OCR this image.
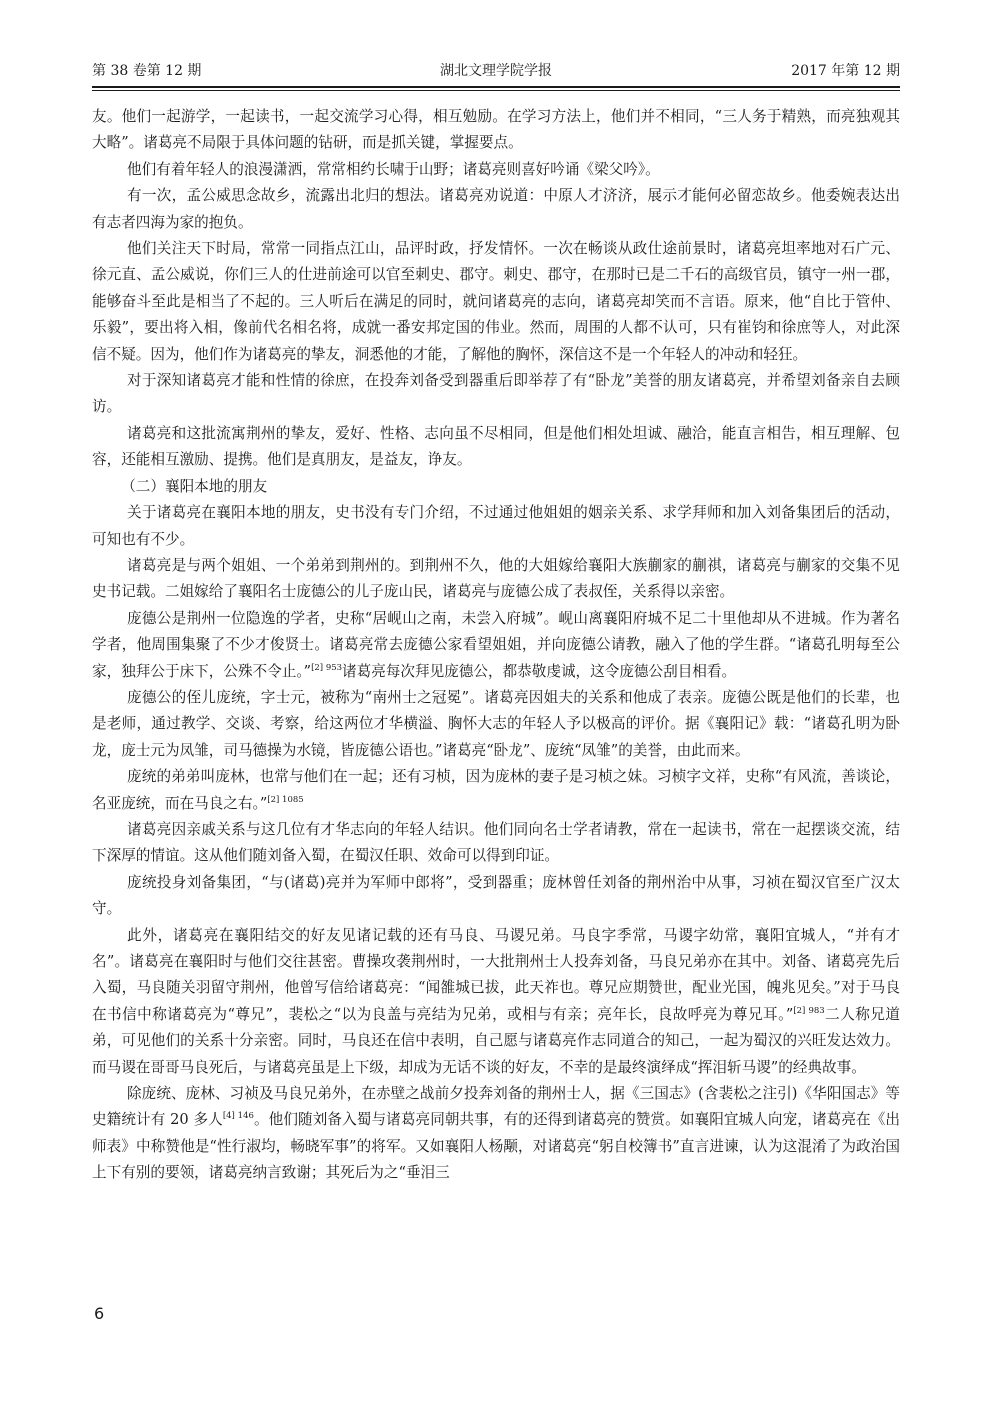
第 38 卷第 12 期	湖北文理学院学报	2017 年第 12 期

友。他们一起游学，一起读书，一起交流学习心得，相互勉励。在学习方法上，他们并不相同，“三人务于精熟，而亮独观其大略”。诸葛亮不局限于具体问题的钻研，而是抓关键，掌握要点。

他们有着年轻人的浪漫潇洒，常常相约长啸于山野；诸葛亮则喜好吟诵《梁父吟》。

有一次，孟公威思念故乡，流露出北归的想法。诸葛亮劝说道：中原人才济济，展示才能何必留恋故乡。他委婉表达出有志者四海为家的抱负。

他们关注天下时局，常常一同指点江山，品评时政，抒发情怀。一次在畅谈从政仕途前景时，诸葛亮坦率地对石广元、徐元直、孟公威说，你们三人的仕进前途可以官至刺史、郡守。刺史、郡守，在那时已是二千石的高级官员，镇守一州一郡，能够奋斗至此是相当了不起的。三人听后在满足的同时，就问诸葛亮的志向，诸葛亮却笑而不言语。原来，他“自比于管仲、乐毅”，要出将入相，像前代名相名将，成就一番安邦定国的伟业。然而，周围的人都不认可，只有崔钧和徐庶等人，对此深信不疑。因为，他们作为诸葛亮的挚友，洞悉他的才能，了解他的胸怀，深信这不是一个年轻人的冲动和轻狂。

对于深知诸葛亮才能和性情的徐庶，在投奔刘备受到器重后即举荐了有“卧龙”美誉的朋友诸葛亮，并希望刘备亲自去顾访。

诸葛亮和这批流寓荆州的挚友，爱好、性格、志向虽不尽相同，但是他们相处坦诚、融洽，能直言相告，相互理解、包容，还能相互激励、提携。他们是真朋友，是益友，诤友。

（二）襄阳本地的朋友

关于诸葛亮在襄阳本地的朋友，史书没有专门介绍，不过通过他姐姐的姻亲关系、求学拜师和加入刘备集团后的活动，可知也有不少。

诸葛亮是与两个姐姐、一个弟弟到荆州的。到荆州不久，他的大姐嫁给襄阳大族蒯家的蒯祺，诸葛亮与蒯家的交集不见史书记载。二姐嫁给了襄阳名士庞德公的儿子庞山民，诸葛亮与庞德公成了表叔侄，关系得以亲密。

庞德公是荆州一位隐逸的学者，史称“居岘山之南，未尝入府城”。岘山离襄阳府城不足二十里他却从不进城。作为著名学者，他周围集聚了不少才俊贤士。诸葛亮常去庞德公家看望姐姐，并向庞德公请教，融入了他的学生群。“诸葛孔明每至公家，独拜公于床下，公殊不令止。”$^{[2] 953}$诸葛亮每次拜见庞德公，都恭敬虔诚，这令庞德公刮目相看。

庞德公的侄儿庞统，字士元，被称为“南州士之冠冕”。诸葛亮因姐夫的关系和他成了表亲。庞德公既是他们的长辈，也是老师，通过教学、交谈、考察，给这两位才华横溢、胸怀大志的年轻人予以极高的评价。据《襄阳记》载：“诸葛孔明为卧龙，庞士元为凤雏，司马德操为水镜，皆庞德公语也。”诸葛亮“卧龙”、庞统“凤雏”的美誉，由此而来。

庞统的弟弟叫庞林，也常与他们在一起；还有习桢，因为庞林的妻子是习桢之妹。习桢字文祥，史称“有风流，善谈论，名亚庞统，而在马良之右。”$^{[2] 1085}$

诸葛亮因亲戚关系与这几位有才华志向的年轻人结识。他们同向名士学者请教，常在一起读书，常在一起摆谈交流，结下深厚的情谊。这从他们随刘备入蜀，在蜀汉任职、效命可以得到印证。

庞统投身刘备集团，“与(诸葛)亮并为军师中郎将”，受到器重；庞林曾任刘备的荆州治中从事，习祯在蜀汉官至广汉太守。

此外，诸葛亮在襄阳结交的好友见诸记载的还有马良、马谡兄弟。马良字季常，马谡字幼常，襄阳宜城人，“并有才名”。诸葛亮在襄阳时与他们交往甚密。曹操攻袭荆州时，一大批荆州士人投奔刘备，马良兄弟亦在其中。刘备、诸葛亮先后入蜀，马良随关羽留守荆州，他曾写信给诸葛亮：“闻雒城已拔，此天祚也。尊兄应期赞世，配业光国，魄兆见矣。”对于马良在书信中称诸葛亮为“尊兄”，裴松之“以为良盖与亮结为兄弟，或相与有亲；亮年长，良故呼亮为尊兄耳。”$^{[2] 983}$二人称兄道弟，可见他们的关系十分亲密。同时，马良还在信中表明，自己愿与诸葛亮作志同道合的知己，一起为蜀汉的兴旺发达效力。而马谡在哥哥马良死后，与诸葛亮虽是上下级，却成为无话不谈的好友，不幸的是最终演绎成“挥泪斩马谡”的经典故事。

除庞统、庞林、习祯及马良兄弟外，在赤壁之战前夕投奔刘备的荆州士人，据《三国志》(含裴松之注引)《华阳国志》等史籍统计有 20 多人$^{[4] 146}$。他们随刘备入蜀与诸葛亮同朝共事，有的还得到诸葛亮的赞赏。如襄阳宜城人向宠，诸葛亮在《出师表》中称赞他是“性行淑均，畅晓军事”的将军。又如襄阳人杨颙，对诸葛亮“躬自校簿书”直言进谏，认为这混淆了为政治国上下有别的要领，诸葛亮纳言致谢；其死后为之“垂泪三

6
